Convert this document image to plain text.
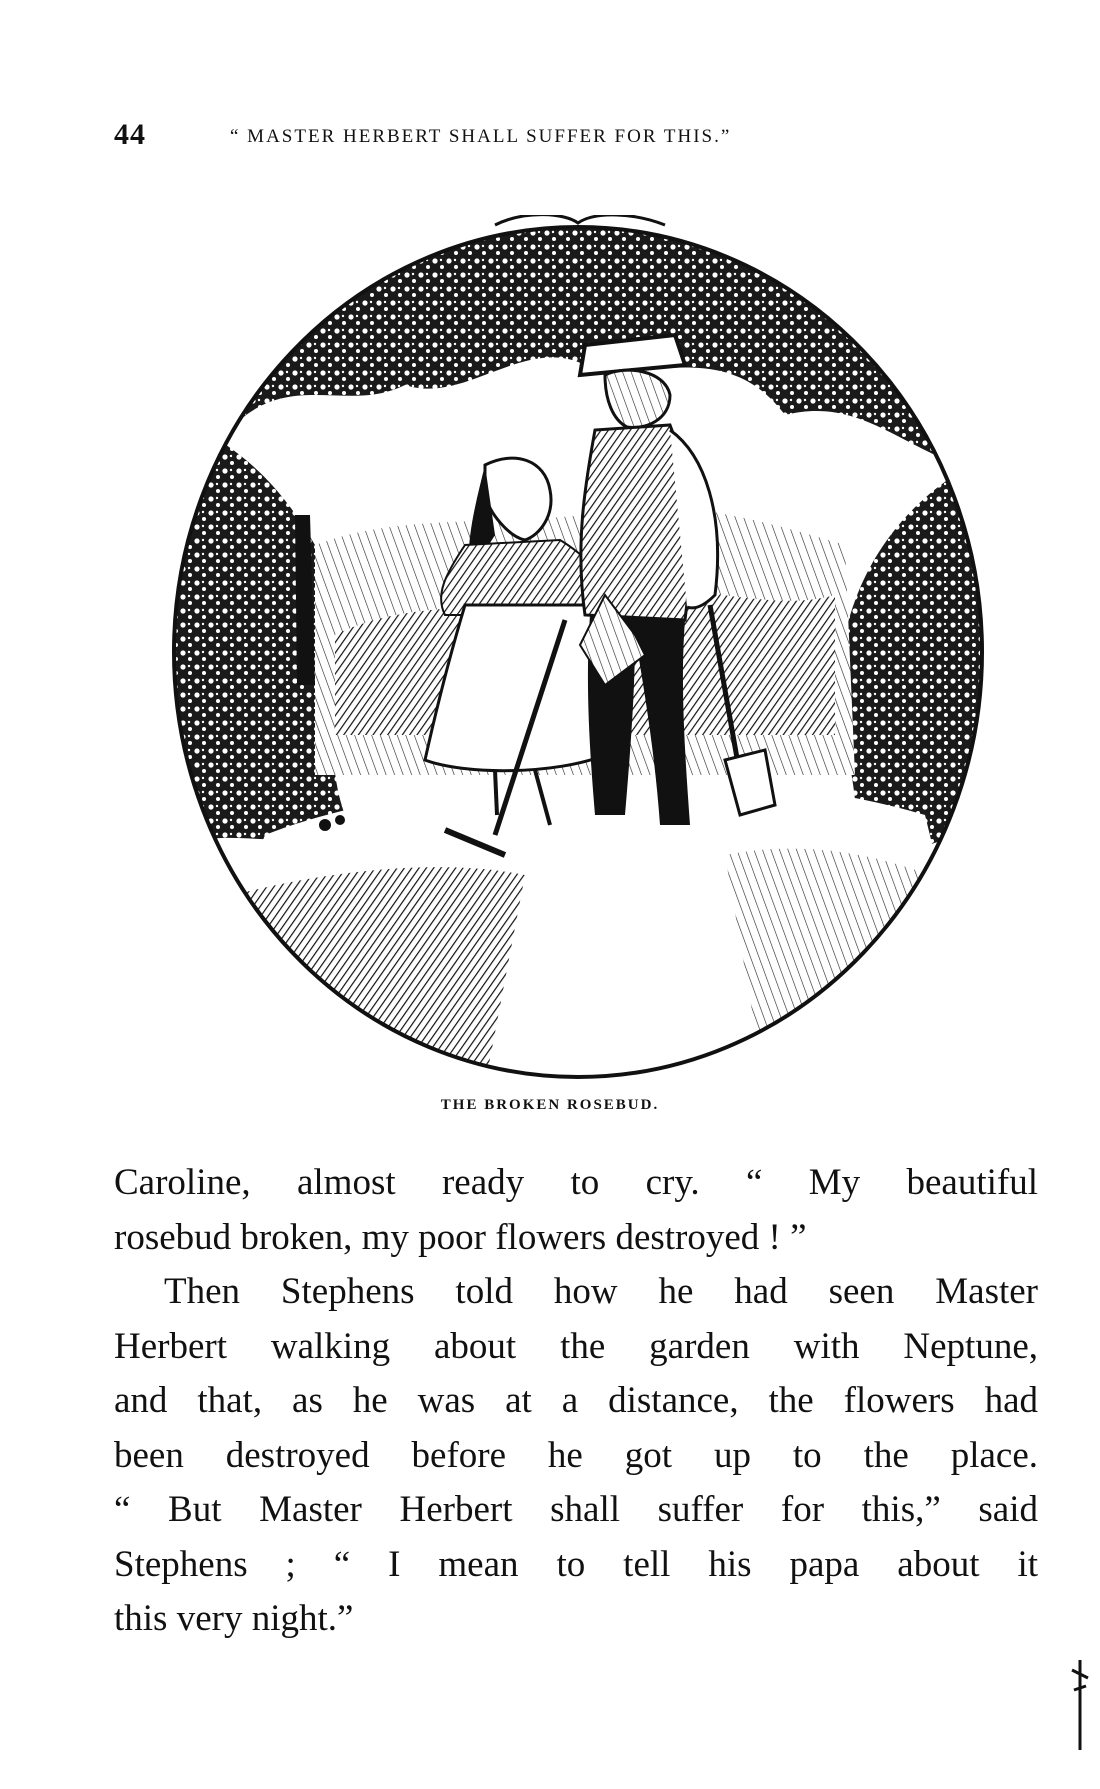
44	“ MASTER HERBERT SHALL SUFFER FOR THIS.”
THE BROKEN ROSEBUD.

Caroline, almost ready to cry. “ My beautiful
rosebud broken, my poor flowers destroyed ! ”

Then Stephens told how he had seen Master
Herbert walking about the garden with Neptune,
and that, as he was at a distance, the flowers had
been destroyed before he got up to the place.
“ But Master Herbert shall suffer for this,” said
Stephens ; “ I mean to tell his papa about it
this very night.”
